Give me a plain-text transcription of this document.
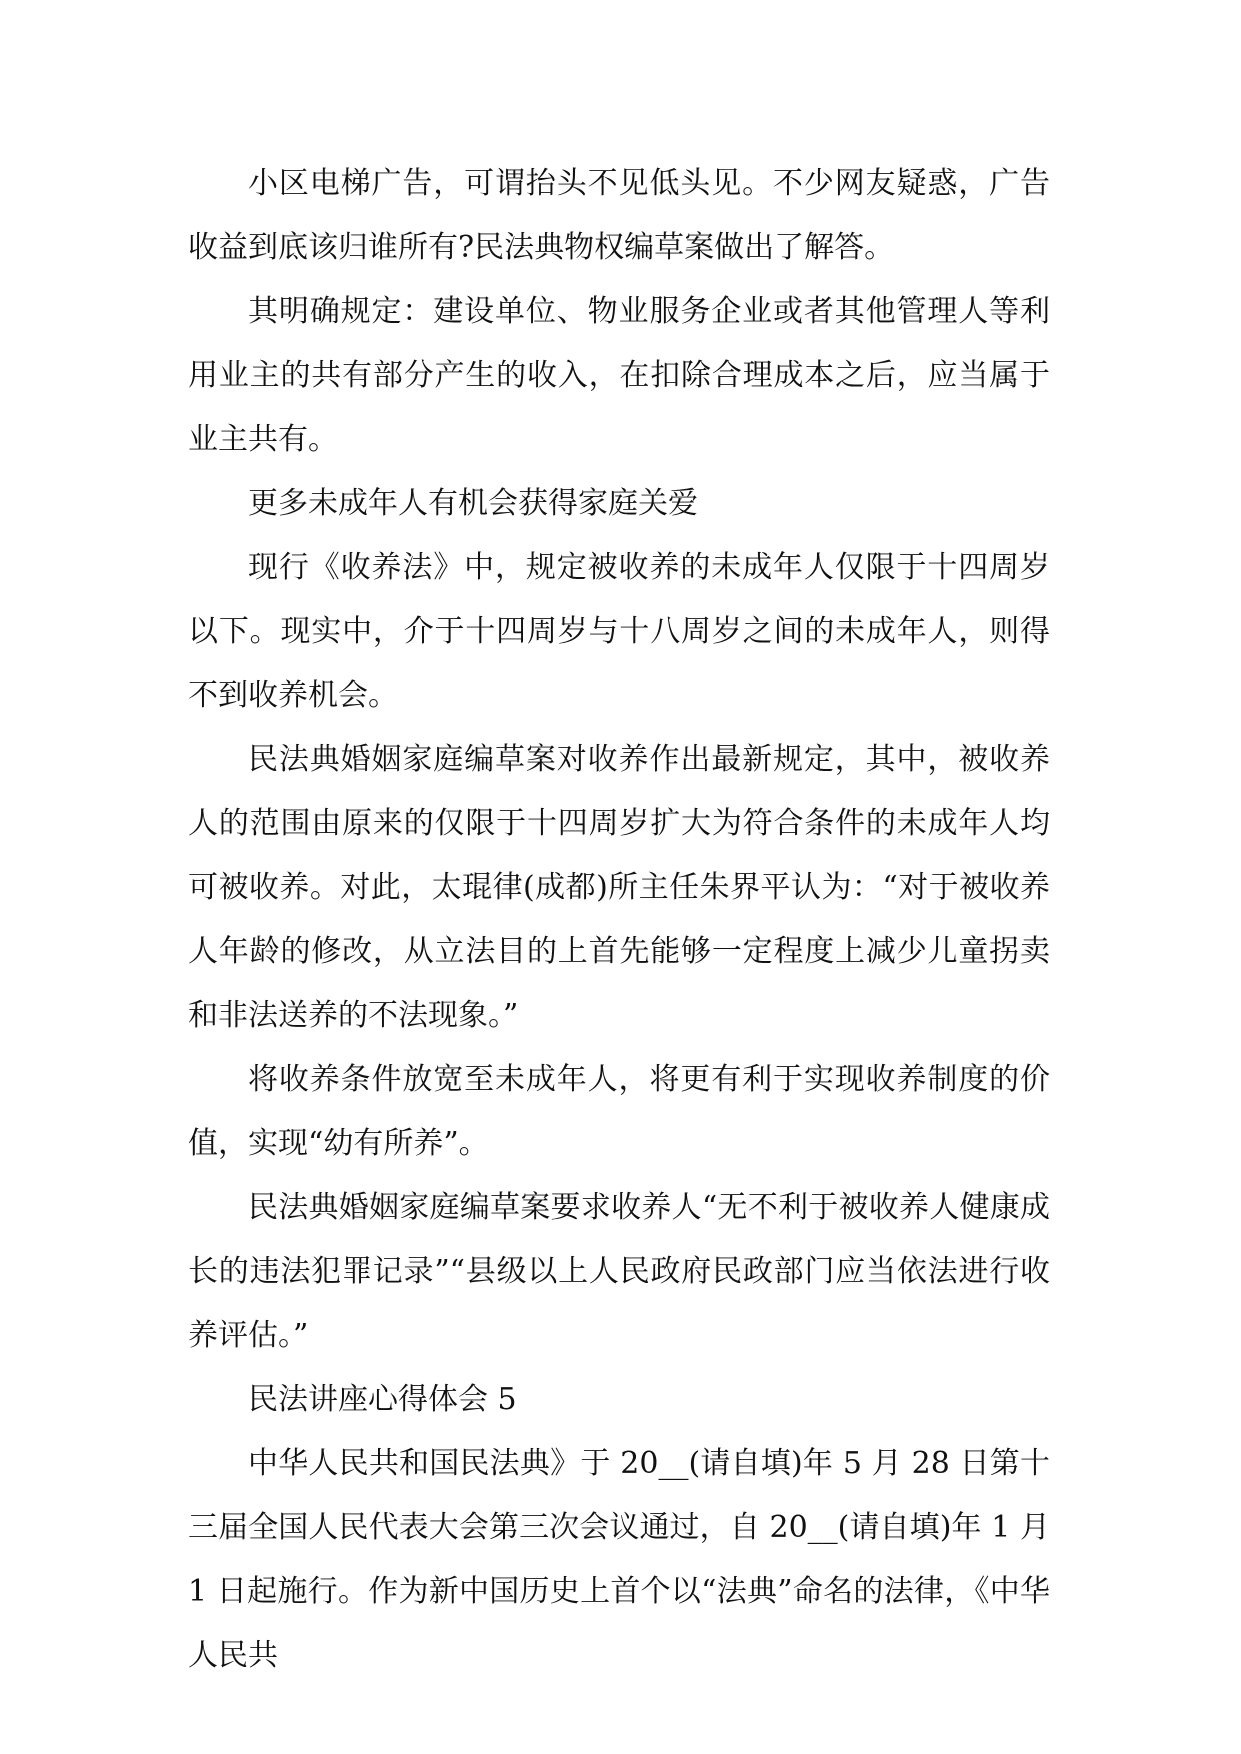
小区电梯广告，可谓抬头不见低头见。不少网友疑惑，广告收益到底该归谁所有?民法典物权编草案做出了解答。

其明确规定：建设单位、物业服务企业或者其他管理人等利用业主的共有部分产生的收入，在扣除合理成本之后，应当属于业主共有。

更多未成年人有机会获得家庭关爱

现行《收养法》中，规定被收养的未成年人仅限于十四周岁以下。现实中，介于十四周岁与十八周岁之间的未成年人，则得不到收养机会。

民法典婚姻家庭编草案对收养作出最新规定，其中，被收养人的范围由原来的仅限于十四周岁扩大为符合条件的未成年人均可被收养。对此，太琨律(成都)所主任朱界平认为：“对于被收养人年龄的修改，从立法目的上首先能够一定程度上减少儿童拐卖和非法送养的不法现象。”

将收养条件放宽至未成年人，将更有利于实现收养制度的价值，实现“幼有所养”。

民法典婚姻家庭编草案要求收养人“无不利于被收养人健康成长的违法犯罪记录”“县级以上人民政府民政部门应当依法进行收养评估。”

民法讲座心得体会 5

中华人民共和国民法典》于 20__(请自填)年 5 月 28 日第十三届全国人民代表大会第三次会议通过，自 20__(请自填)年 1 月 1 日起施行。作为新中国历史上首个以“法典”命名的法律，《中华人民共
